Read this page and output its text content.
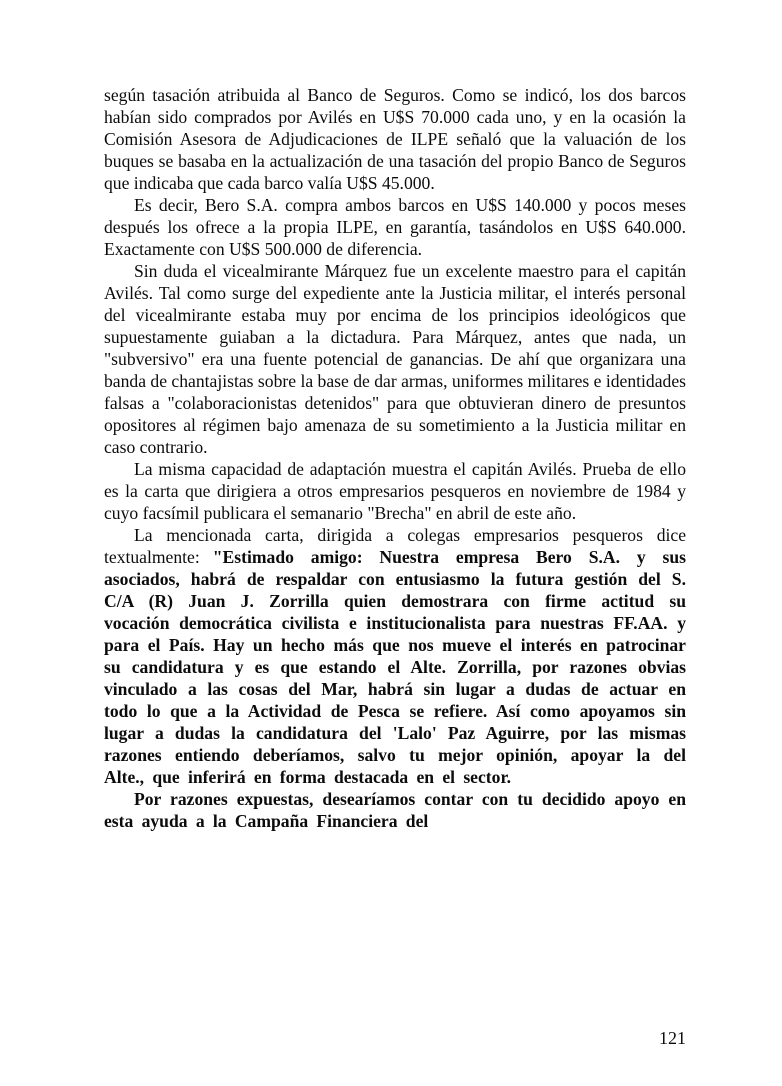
según tasación atribuida al Banco de Seguros. Como se indicó, los dos barcos habían sido comprados por Avilés en U$S 70.000 cada uno, y en la ocasión la Comisión Asesora de Adjudicaciones de ILPE señaló que la valuación de los buques se basaba en la actualización de una tasación del propio Banco de Seguros que indicaba que cada barco valía U$S 45.000.

Es decir, Bero S.A. compra ambos barcos en U$S 140.000 y pocos meses después los ofrece a la propia ILPE, en garantía, tasándolos en U$S 640.000. Exactamente con U$S 500.000 de diferencia.

Sin duda el vicealmirante Márquez fue un excelente maestro para el capitán Avilés. Tal como surge del expediente ante la Justicia militar, el interés personal del vicealmirante estaba muy por encima de los principios ideológicos que supuestamente guiaban a la dictadura. Para Márquez, antes que nada, un "subversivo" era una fuente potencial de ganancias. De ahí que organizara una banda de chantajistas sobre la base de dar armas, uniformes militares e identidades falsas a "colaboracionistas detenidos" para que obtuvieran dinero de presuntos opositores al régimen bajo amenaza de su sometimiento a la Justicia militar en caso contrario.

La misma capacidad de adaptación muestra el capitán Avilés. Prueba de ello es la carta que dirigiera a otros empresarios pesqueros en noviembre de 1984 y cuyo facsímil publicara el semanario "Brecha" en abril de este año.

La mencionada carta, dirigida a colegas empresarios pesqueros dice textualmente: "Estimado amigo: Nuestra empresa Bero S.A. y sus asociados, habrá de respaldar con entusiasmo la futura gestión del S. C/A (R) Juan J. Zorrilla quien demostrara con firme actitud su vocación democrática civilista e institucionalista para nuestras FF.AA. y para el País. Hay un hecho más que nos mueve el interés en patrocinar su candidatura y es que estando el Alte. Zorrilla, por razones obvias vinculado a las cosas del Mar, habrá sin lugar a dudas de actuar en todo lo que a la Actividad de Pesca se refiere. Así como apoyamos sin lugar a dudas la candidatura del 'Lalo' Paz Aguirre, por las mismas razones entiendo deberíamos, salvo tu mejor opinión, apoyar la del Alte., que inferirá en forma destacada en el sector.

Por razones expuestas, desearíamos contar con tu decidido apoyo en esta ayuda a la Campaña Financiera del

121
